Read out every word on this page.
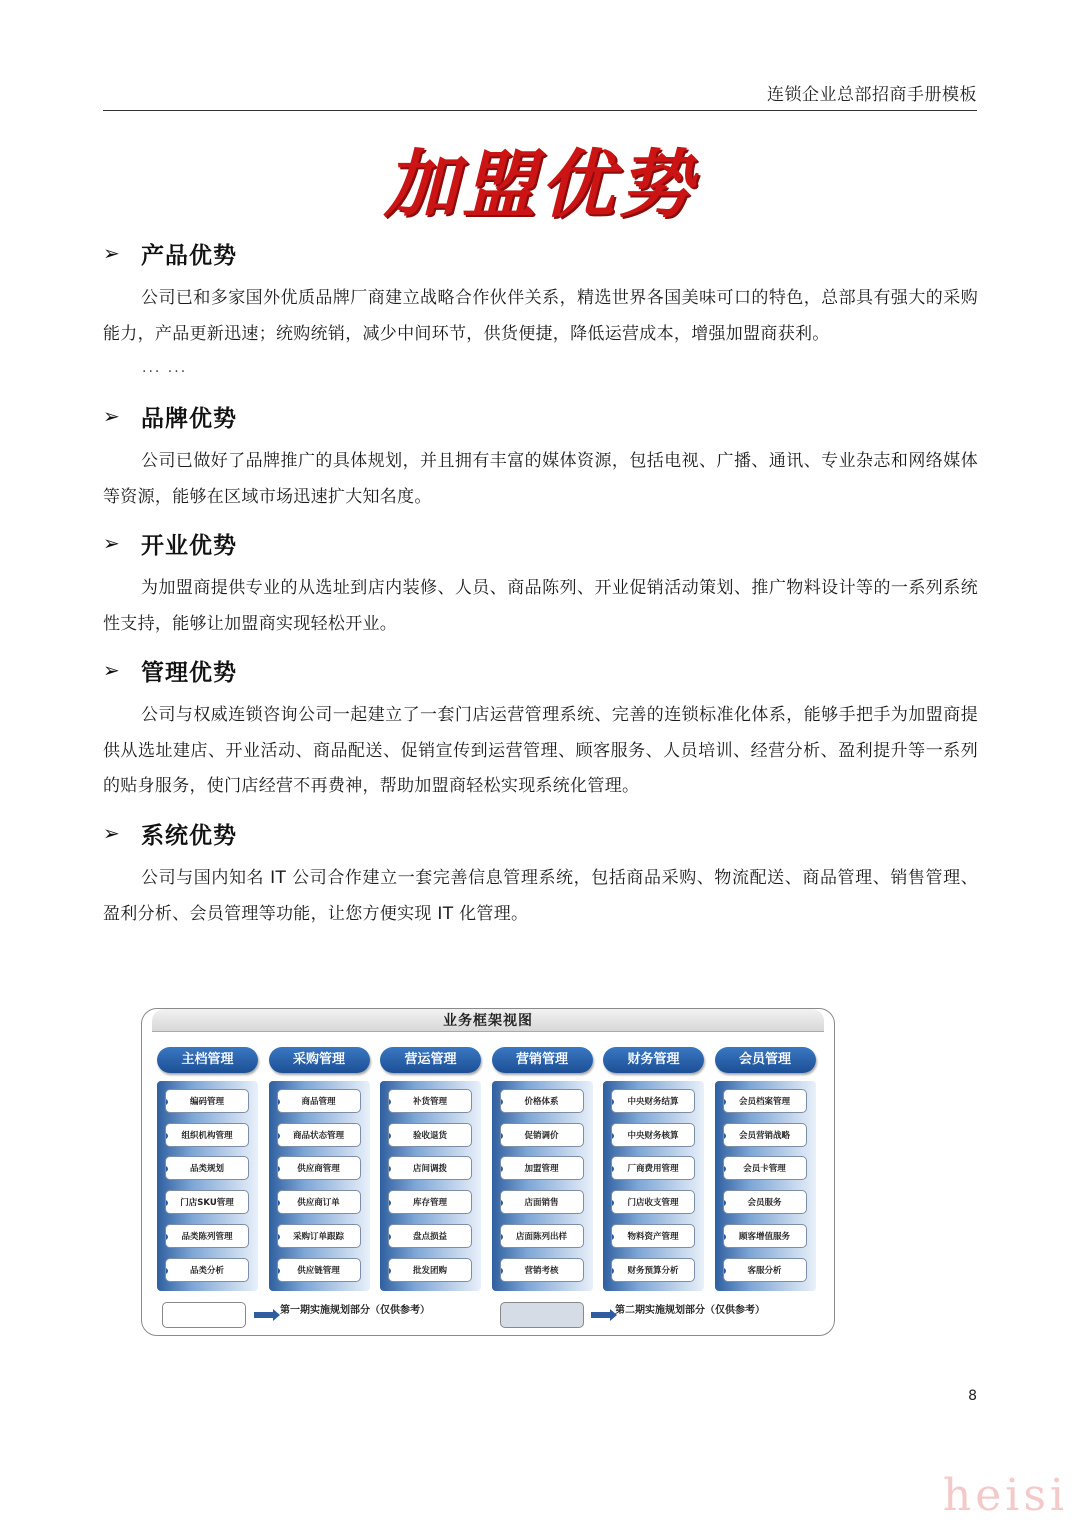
连锁企业总部招商手册模板
加盟优势
➢ 产品优势
公司已和多家国外优质品牌厂商建立战略合作伙伴关系，精选世界各国美味可口的特色，总部具有强大的采购能力，产品更新迅速；统购统销，减少中间环节，供货便捷，降低运营成本，增强加盟商获利。
··· ···
➢ 品牌优势
公司已做好了品牌推广的具体规划，并且拥有丰富的媒体资源，包括电视、广播、通讯、专业杂志和网络媒体等资源，能够在区域市场迅速扩大知名度。
➢ 开业优势
为加盟商提供专业的从选址到店内装修、人员、商品陈列、开业促销活动策划、推广物料设计等的一系列系统性支持，能够让加盟商实现轻松开业。
➢ 管理优势
公司与权威连锁咨询公司一起建立了一套门店运营管理系统、完善的连锁标准化体系，能够手把手为加盟商提供从选址建店、开业活动、商品配送、促销宣传到运营管理、顾客服务、人员培训、经营分析、盈利提升等一系列的贴身服务，使门店经营不再费神，帮助加盟商轻松实现系统化管理。
➢ 系统优势
公司与国内知名 IT 公司合作建立一套完善信息管理系统，包括商品采购、物流配送、商品管理、销售管理、盈利分析、会员管理等功能，让您方便实现 IT 化管理。
业务框架视图
主档管理
编码管理
组织机构管理
品类规划
门店SKU管理
品类陈列管理
品类分析
采购管理
商品管理
商品状态管理
供应商管理
供应商订单
采购订单跟踪
供应链管理
营运管理
补货管理
验收退货
店间调拨
库存管理
盘点损益
批发团购
营销管理
价格体系
促销调价
加盟管理
店面销售
店面陈列出样
营销考核
财务管理
中央财务结算
中央财务核算
厂商费用管理
门店收支管理
物料资产管理
财务预算分析
会员管理
会员档案管理
会员营销战略
会员卡管理
会员服务
顾客增值服务
客服分析
第一期实施规划部分（仅供参考）	第二期实施规划部分（仅供参考）
8
heisi
